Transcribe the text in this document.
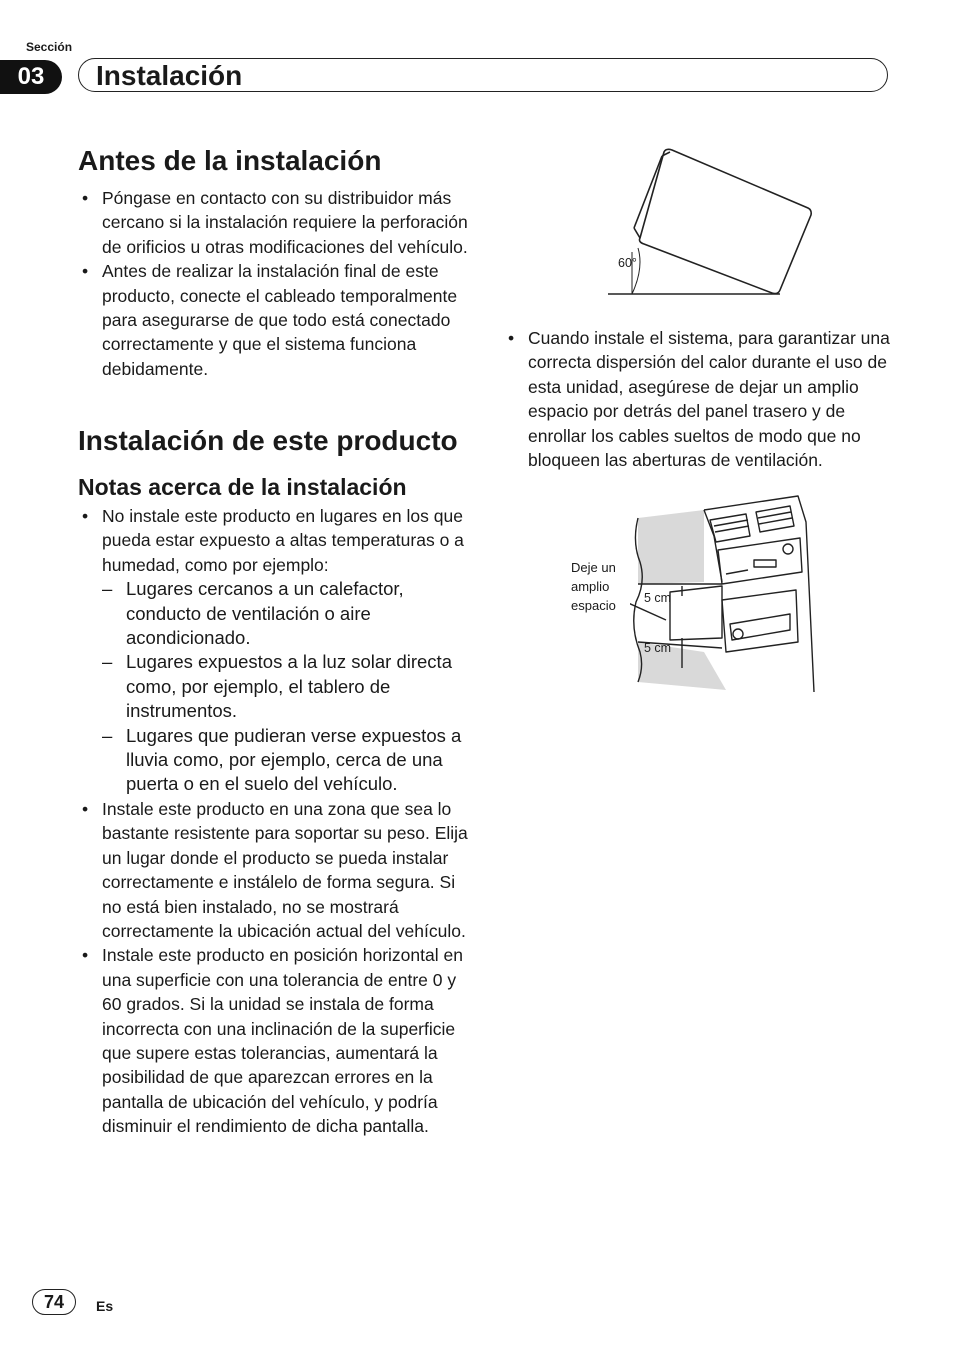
Sección
03	Instalación
Antes de la instalación
• Póngase en contacto con su distribuidor más cercano si la instalación requiere la perforación de orificios u otras modificaciones del vehículo.
• Antes de realizar la instalación final de este producto, conecte el cableado temporalmente para asegurarse de que todo está conectado correctamente y que el sistema funciona debidamente.
Instalación de este producto
Notas acerca de la instalación
• No instale este producto en lugares en los que pueda estar expuesto a altas temperaturas o a humedad, como por ejemplo:
– Lugares cercanos a un calefactor, conducto de ventilación o aire acondicionado.
– Lugares expuestos a la luz solar directa como, por ejemplo, el tablero de instrumentos.
– Lugares que pudieran verse expuestos a lluvia como, por ejemplo, cerca de una puerta o en el suelo del vehículo.
• Instale este producto en una zona que sea lo bastante resistente para soportar su peso. Elija un lugar donde el producto se pueda instalar correctamente e instálelo de forma segura. Si no está bien instalado, no se mostrará correctamente la ubicación actual del vehículo.
• Instale este producto en posición horizontal en una superficie con una tolerancia de entre 0 y 60 grados. Si la unidad se instala de forma incorrecta con una inclinación de la superficie que supere estas tolerancias, aumentará la posibilidad de que aparezcan errores en la pantalla de ubicación del vehículo, y podría disminuir el rendimiento de dicha pantalla.
60°
• Cuando instale el sistema, para garantizar una correcta dispersión del calor durante el uso de esta unidad, asegúrese de dejar un amplio espacio por detrás del panel trasero y de enrollar los cables sueltos de modo que no bloqueen las aberturas de ventilación.
Deje un
amplio
espacio 5 cm
5 cm
74	Es
